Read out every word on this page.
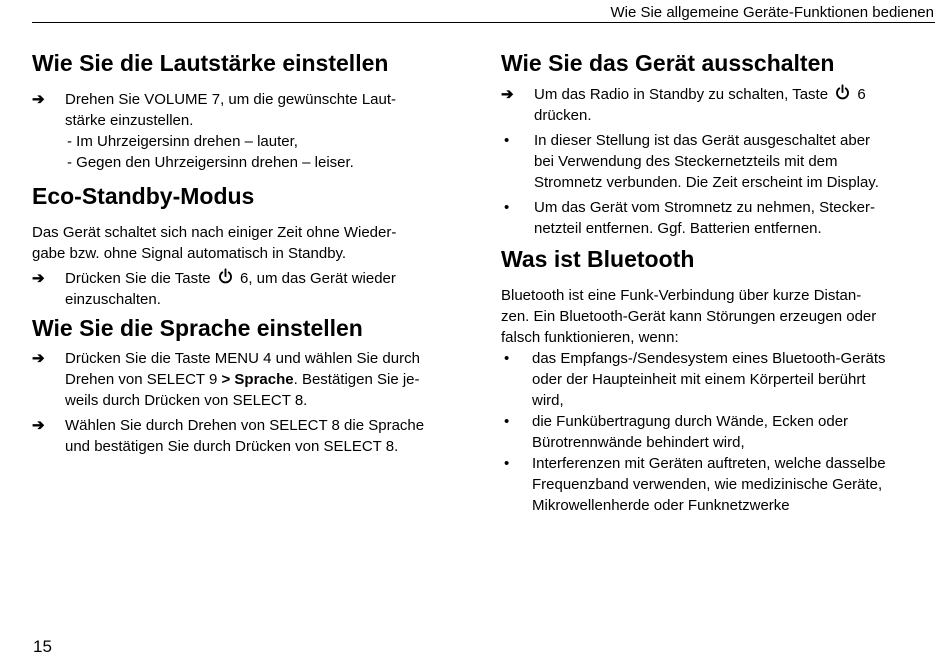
Wie Sie allgemeine Geräte-Funktionen bedienen
Wie Sie die Lautstärke einstellen
➔	Drehen Sie VOLUME 7, um die gewünschte Laut-
stärke einzustellen.
- Im Uhrzeigersinn drehen – lauter,
- Gegen den Uhrzeigersinn drehen – leiser.
Eco-Standby-Modus
Das Gerät schaltet sich nach einiger Zeit ohne Wieder-
gabe bzw. ohne Signal automatisch in Standby.
➔	Drücken Sie die Taste 6, um das Gerät wieder
einzuschalten.
Wie Sie die Sprache einstellen
➔	Drücken Sie die Taste MENU 4 und wählen Sie durch
Drehen von SELECT 9 > Sprache. Bestätigen Sie je-
weils durch Drücken von SELECT 8.
➔	Wählen Sie durch Drehen von SELECT 8 die Sprache
und bestätigen Sie durch Drücken von SELECT 8.
Wie Sie das Gerät ausschalten
➔	Um das Radio in Standby zu schalten, Taste 6
drücken.
•	In dieser Stellung ist das Gerät ausgeschaltet aber
bei Verwendung des Steckernetzteils mit dem
Stromnetz verbunden. Die Zeit erscheint im Display.
•	Um das Gerät vom Stromnetz zu nehmen, Stecker-
netzteil entfernen. Ggf. Batterien entfernen.
Was ist Bluetooth
Bluetooth ist eine Funk-Verbindung über kurze Distan-
zen. Ein Bluetooth-Gerät kann Störungen erzeugen oder
falsch funktionieren, wenn:
•	das Empfangs-/Sendesystem eines Bluetooth-Geräts
oder der Haupteinheit mit einem Körperteil berührt
wird,
•	die Funkübertragung durch Wände, Ecken oder
Bürotrennwände behindert wird,
•	Interferenzen mit Geräten auftreten, welche dasselbe
Frequenzband verwenden, wie medizinische Geräte,
Mikrowellenherde oder Funknetzwerke
15
